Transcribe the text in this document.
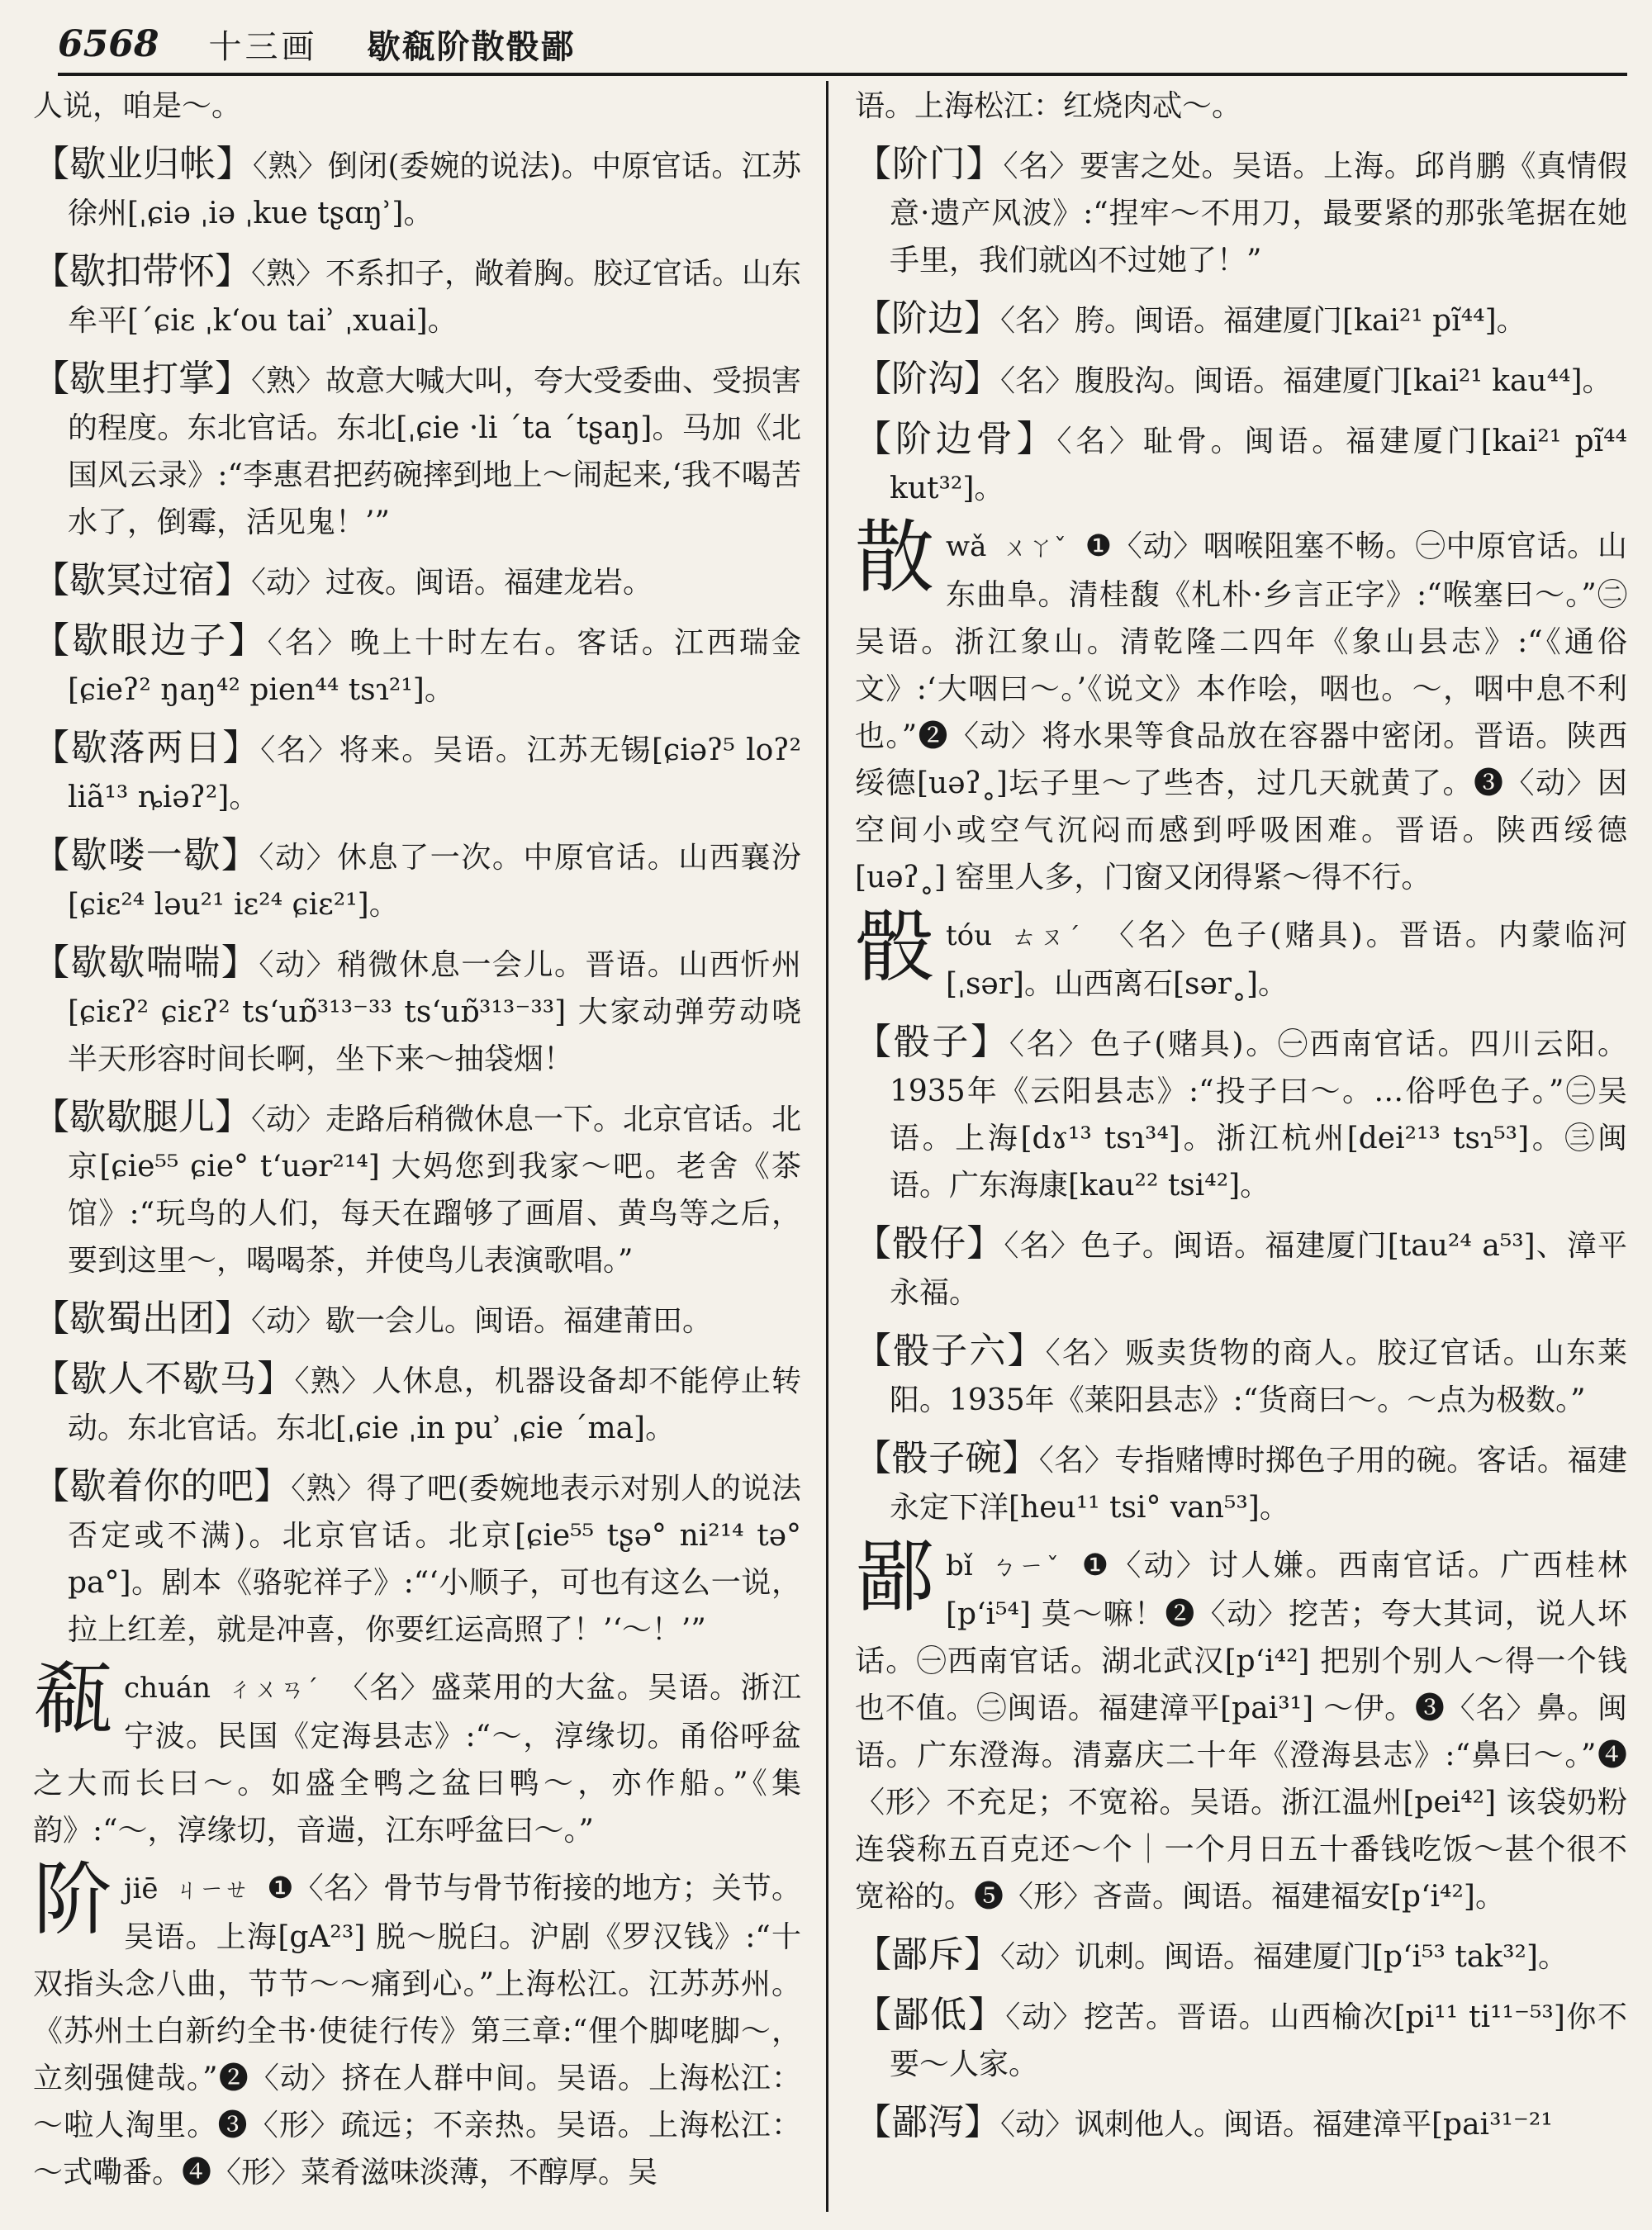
6568 十三画 歇瓻阶散骰鄙

人说，咱是～。

【歇业归帐】〈熟〉倒闭(委婉的说法)。中原官话。江苏徐州[ˌɕiə ˌiə ˌkue tʂɑŋʾ]。

【歇扣带怀】〈熟〉不系扣子，敞着胸。胶辽官话。山东牟平[ˊɕiɛ ˌkʻou taiʾ ˌxuai]。

【歇里打掌】〈熟〉故意大喊大叫，夸大受委曲、受损害的程度。东北官话。东北[ˌɕie ·li ˊta ˊtʂaŋ]。马加《北国风云录》:“李惠君把药碗摔到地上～闹起来,‘我不喝苦水了，倒霉，活见鬼！’”

【歇冥过宿】〈动〉过夜。闽语。福建龙岩。

【歇眼边子】〈名〉晚上十时左右。客话。江西瑞金[ɕieʔ² ŋaŋ⁴² pien⁴⁴ tsɿ²¹]。

【歇落两日】〈名〉将来。吴语。江苏无锡[ɕiəʔ⁵ loʔ² liã¹³ ȵiəʔ²]。

【歇喽一歇】〈动〉休息了一次。中原官话。山西襄汾[ɕiɛ²⁴ ləu²¹ iɛ²⁴ ɕiɛ²¹]。

【歇歇喘喘】〈动〉稍微休息一会儿。晋语。山西忻州[ɕiɛʔ² ɕiɛʔ² tsʻuɒ̃³¹³⁻³³ tsʻuɒ̃³¹³⁻³³] 大家动弹劳动哓半天形容时间长啊，坐下来～抽袋烟！

【歇歇腿儿】〈动〉走路后稍微休息一下。北京官话。北京[ɕie⁵⁵ ɕie° tʻuər²¹⁴] 大妈您到我家～吧。老舍《茶馆》:“玩鸟的人们，每天在蹓够了画眉、黄鸟等之后，要到这里～，喝喝茶，并使鸟儿表演歌唱。”

【歇蜀出团】〈动〉歇一会儿。闽语。福建莆田。

【歇人不歇马】〈熟〉人休息，机器设备却不能停止转动。东北官话。东北[ˌɕie ˌin puʾ ˌɕie ˊma]。

【歇着你的吧】〈熟〉得了吧(委婉地表示对别人的说法否定或不满)。北京官话。北京[ɕie⁵⁵ tʂə° ni²¹⁴ tə° pa°]。剧本《骆驼祥子》:“‘小顺子，可也有这么一说，拉上红差，就是冲喜，你要红运高照了！’‘～！’”

瓻 chuán ㄔㄨㄢˊ 〈名〉盛菜用的大盆。吴语。浙江宁波。民国《定海县志》:“～，淳缘切。甬俗呼盆之大而长曰～。如盛全鸭之盆曰鸭～，亦作船。”《集韵》:“～，淳缘切，音遄，江东呼盆曰～。”
阶 jiē ㄐㄧㄝ ❶〈名〉骨节与骨节衔接的地方；关节。吴语。上海[gA²³] 脱～脱臼。沪剧《罗汉钱》:“十双指头念八曲，节节～～痛到心。”上海松江。江苏苏州。《苏州土白新约全书·使徒行传》第三章:“俚个脚咾脚～，立刻强健哉。”❷〈动〉挤在人群中间。吴语。上海松江：～啦人淘里。❸〈形〉疏远；不亲热。吴语。上海松江：～式嘞番。❹〈形〉菜肴滋味淡薄，不醇厚。吴

语。上海松江：红烧肉忒～。

【阶门】〈名〉要害之处。吴语。上海。邱肖鹏《真情假意·遗产风波》:“捏牢～不用刀，最要紧的那张笔据在她手里，我们就凶不过她了！”

【阶边】〈名〉胯。闽语。福建厦门[kai²¹ pĩ⁴⁴]。

【阶沟】〈名〉腹股沟。闽语。福建厦门[kai²¹ kau⁴⁴]。

【阶边骨】〈名〉耻骨。闽语。福建厦门[kai²¹ pĩ⁴⁴ kut³²]。

散 wǎ ㄨㄚˇ ❶〈动〉咽喉阻塞不畅。㊀中原官话。山东曲阜。清桂馥《札朴·乡言正字》:“喉塞曰～。”㊁吴语。浙江象山。清乾隆二四年《象山县志》:“《通俗文》:‘大咽曰～。’《说文》本作哙，咽也。～，咽中息不利也。”❷〈动〉将水果等食品放在容器中密闭。晋语。陕西绥德[uəʔ˳]坛子里～了些杏，过几天就黄了。❸〈动〉因空间小或空气沉闷而感到呼吸困难。晋语。陕西绥德[uəʔ˳] 窑里人多，门窗又闭得紧～得不行。
骰 tóu ㄊㄡˊ 〈名〉色子(赌具)。晋语。内蒙临河[ˌsər]。山西离石[sər˳]。

【骰子】〈名〉色子(赌具)。㊀西南官话。四川云阳。1935年《云阳县志》:“投子曰～。…俗呼色子。”㊁吴语。上海[dɤ¹³ tsɿ³⁴]。浙江杭州[dei²¹³ tsɿ⁵³]。㊂闽语。广东海康[kau²² tsi⁴²]。

【骰仔】〈名〉色子。闽语。福建厦门[tau²⁴ a⁵³]、漳平永福。

【骰子六】〈名〉贩卖货物的商人。胶辽官话。山东莱阳。1935年《莱阳县志》:“货商曰～。～点为极数。”

【骰子碗】〈名〉专指赌博时掷色子用的碗。客话。福建永定下洋[heu¹¹ tsi° van⁵³]。

鄙 bǐ ㄅㄧˇ ❶〈动〉讨人嫌。西南官话。广西桂林[pʻi⁵⁴] 莫～嘛！❷〈动〉挖苦；夸大其词，说人坏话。㊀西南官话。湖北武汉[pʻi⁴²] 把别个别人～得一个钱也不值。㊁闽语。福建漳平[pai³¹] ～伊。❸〈名〉鼻。闽语。广东澄海。清嘉庆二十年《澄海县志》:“鼻曰～。”❹〈形〉不充足；不宽裕。吴语。浙江温州[pei⁴²] 该袋奶粉连袋称五百克还～个｜一个月日五十番钱吃饭～甚个很不宽裕的。❺〈形〉吝啬。闽语。福建福安[pʻi⁴²]。

【鄙斥】〈动〉讥刺。闽语。福建厦门[pʻi⁵³ tak³²]。

【鄙低】〈动〉挖苦。晋语。山西榆次[pi¹¹ ti¹¹⁻⁵³]你不要～人家。

【鄙泻】〈动〉讽刺他人。闽语。福建漳平[pai³¹⁻²¹
